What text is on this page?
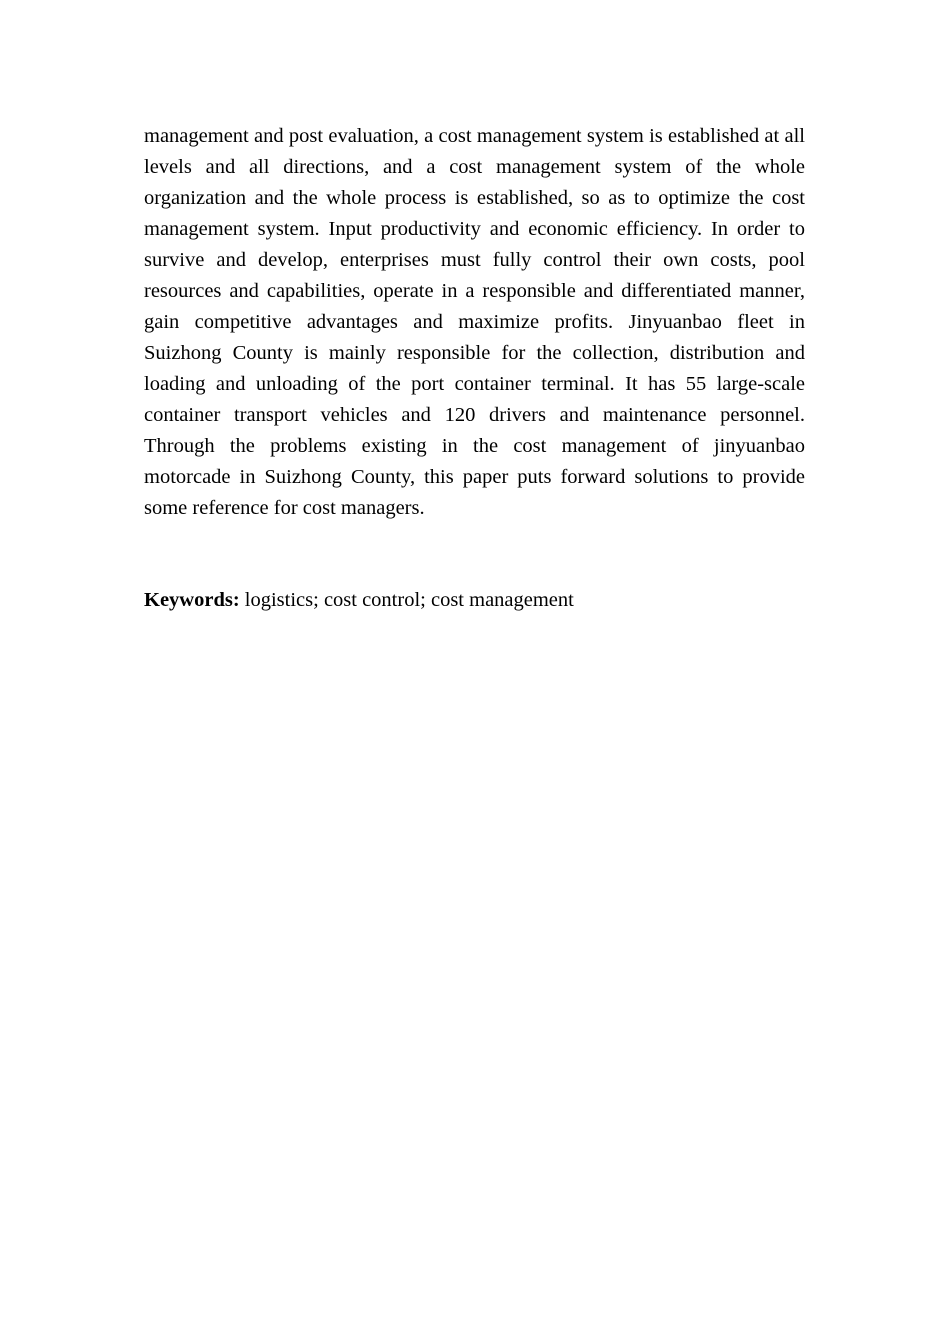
management and post evaluation, a cost management system is established at all levels and all directions, and a cost management system of the whole organization and the whole process is established, so as to optimize the cost management system. Input productivity and economic efficiency. In order to survive and develop, enterprises must fully control their own costs, pool resources and capabilities, operate in a responsible and differentiated manner, gain competitive advantages and maximize profits. Jinyuanbao fleet in Suizhong County is mainly responsible for the collection, distribution and loading and unloading of the port container terminal. It has 55 large-scale container transport vehicles and 120 drivers and maintenance personnel. Through the problems existing in the cost management of jinyuanbao motorcade in Suizhong County, this paper puts forward solutions to provide some reference for cost managers.

Keywords: logistics; cost control; cost management
